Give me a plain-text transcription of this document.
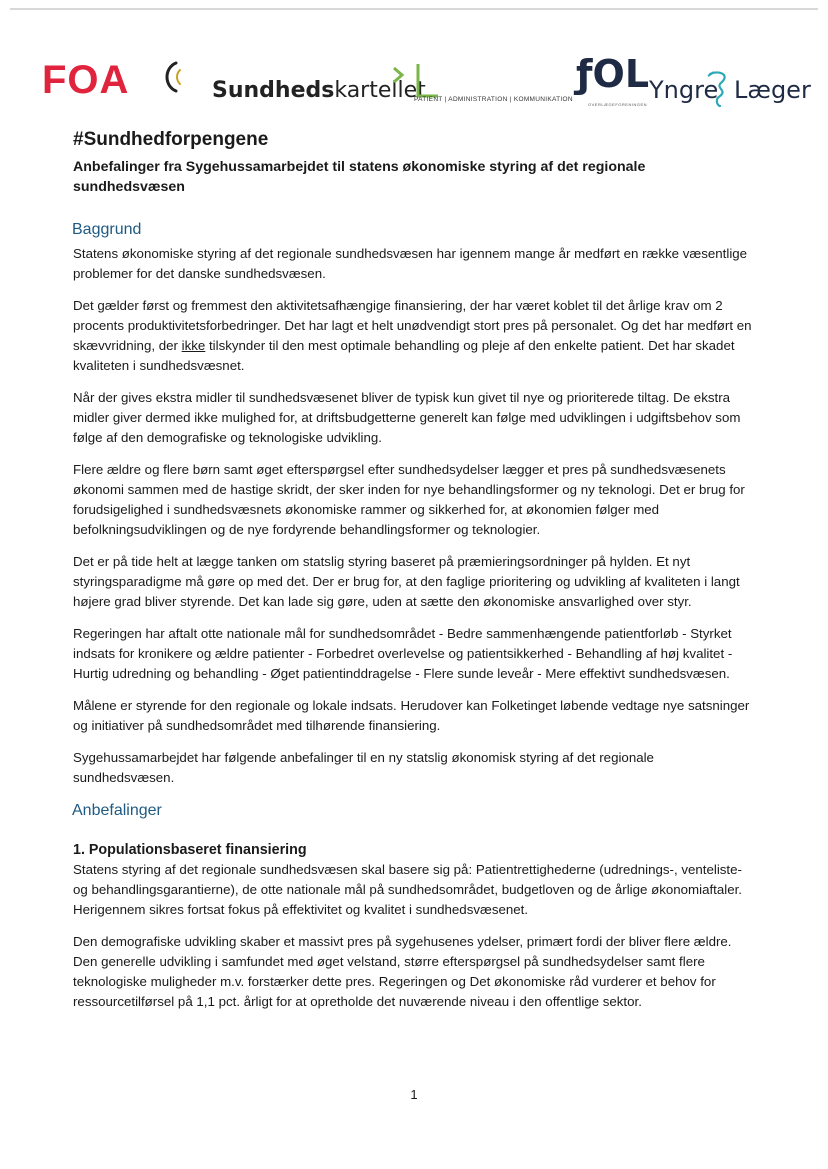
FOA	Sundhedskartellet
PATIENT | ADMINISTRATION | KOMMUNIKATION
ƒOL
OVERLÆGEFORENINGEN
Yngre Læger
#Sundhedforpengene
Anbefalinger fra Sygehussamarbejdet til statens økonomiske styring af det regionale sundhedsvæsen
Baggrund

Statens økonomiske styring af det regionale sundhedsvæsen har igennem mange år medført en række væsentlige problemer for det danske sundhedsvæsen.

Det gælder først og fremmest den aktivitetsafhængige finansiering, der har været koblet til det årlige krav om 2 procents produktivitetsforbedringer. Det har lagt et helt unødvendigt stort pres på personalet. Og det har medført en skævvridning, der ikke tilskynder til den mest optimale behandling og pleje af den enkelte patient. Det har skadet kvaliteten i sundhedsvæsnet.

Når der gives ekstra midler til sundhedsvæsenet bliver de typisk kun givet til nye og prioriterede tiltag. De ekstra midler giver dermed ikke mulighed for, at driftsbudgetterne generelt kan følge med udviklingen i udgiftsbehov som følge af den demografiske og teknologiske udvikling.

Flere ældre og flere børn samt øget efterspørgsel efter sundhedsydelser lægger et pres på sundhedsvæsenets økonomi sammen med de hastige skridt, der sker inden for nye behandlingsformer og ny teknologi. Det er brug for forudsigelighed i sundhedsvæsnets økonomiske rammer og sikkerhed for, at økonomien følger med befolkningsudviklingen og de nye fordyrende behandlingsformer og teknologier.

Det er på tide helt at lægge tanken om statslig styring baseret på præmieringsordninger på hylden. Et nyt styringsparadigme må gøre op med det. Der er brug for, at den faglige prioritering og udvikling af kvaliteten i langt højere grad bliver styrende. Det kan lade sig gøre, uden at sætte den økonomiske ansvarlighed over styr.

Regeringen har aftalt otte nationale mål for sundhedsområdet - Bedre sammenhængende patientforløb - Styrket indsats for kronikere og ældre patienter - Forbedret overlevelse og patientsikkerhed - Behandling af høj kvalitet - Hurtig udredning og behandling - Øget patientinddragelse - Flere sunde leveår - Mere effektivt sundhedsvæsen.

Målene er styrende for den regionale og lokale indsats. Herudover kan Folketinget løbende vedtage nye satsninger og initiativer på sundhedsområdet med tilhørende finansiering.

Sygehussamarbejdet har følgende anbefalinger til en ny statslig økonomisk styring af det regionale sundhedsvæsen.

Anbefalinger
1. Populationsbaseret finansiering

Statens styring af det regionale sundhedsvæsen skal basere sig på: Patientrettighederne (udrednings-, venteliste- og behandlingsgarantierne), de otte nationale mål på sundhedsområdet, budgetloven og de årlige økonomiaftaler. Herigennem sikres fortsat fokus på effektivitet og kvalitet i sundhedsvæsenet.

Den demografiske udvikling skaber et massivt pres på sygehusenes ydelser, primært fordi der bliver flere ældre. Den generelle udvikling i samfundet med øget velstand, større efterspørgsel på sundhedsydelser samt flere teknologiske muligheder m.v. forstærker dette pres. Regeringen og Det økonomiske råd vurderer et behov for ressourcetilførsel på 1,1 pct. årligt for at opretholde det nuværende niveau i den offentlige sektor.

1
